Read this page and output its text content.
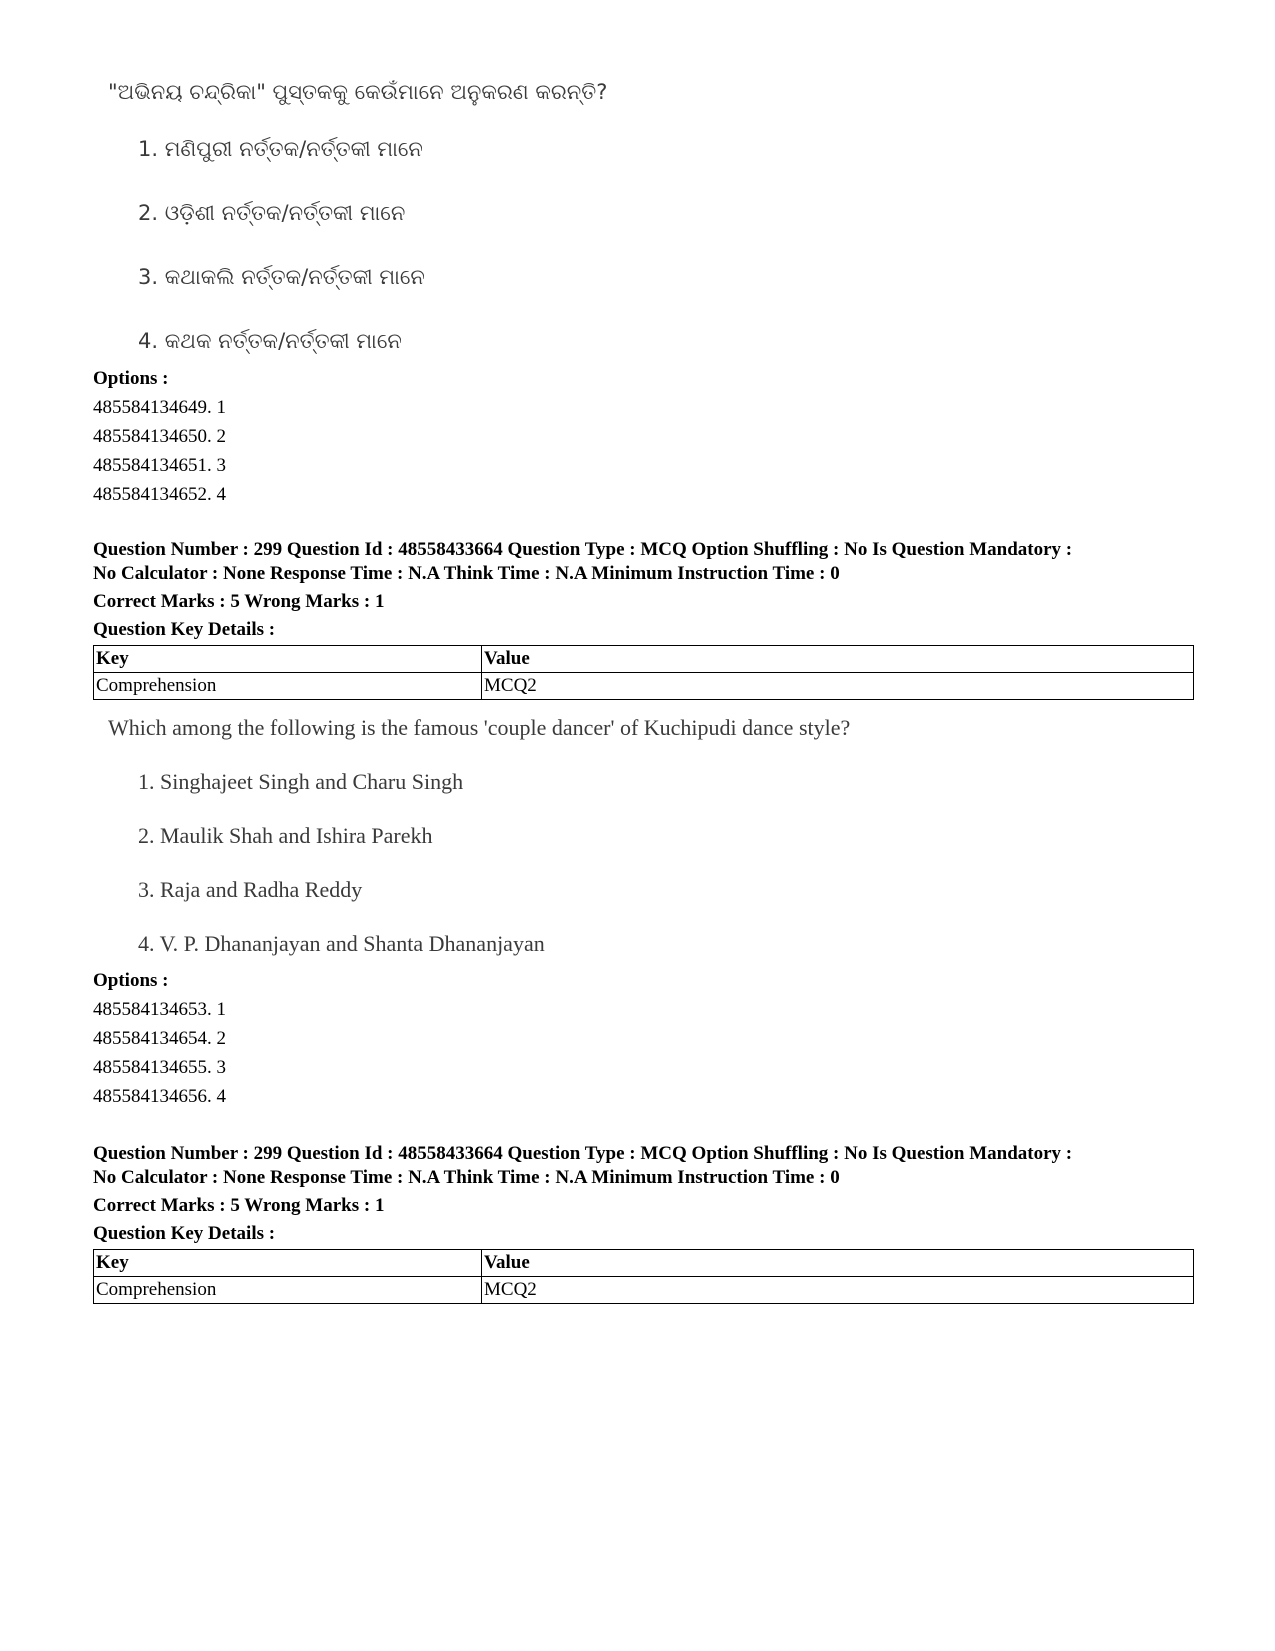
"ଅଭିନୟ ଚନ୍ଦ୍ରିକା" ପୁସ୍ତକକୁ କେଉଁମାନେ ଅନୁକରଣ କରନ୍ତି?

1. ମଣିପୁରୀ ନର୍ତ୍ତକ/ନର୍ତ୍ତକୀ ମାନେ
2. ଓଡ଼ିଶୀ ନର୍ତ୍ତକ/ନର୍ତ୍ତକୀ ମାନେ
3. କଥାକଲି ନର୍ତ୍ତକ/ନର୍ତ୍ତକୀ ମାନେ
4. କଥକ ନର୍ତ୍ତକ/ନର୍ତ୍ତକୀ ମାନେ
Options :
485584134649. 1
485584134650. 2
485584134651. 3
485584134652. 4
Question Number : 299 Question Id : 48558433664 Question Type : MCQ Option Shuffling : No Is Question Mandatory :
No Calculator : None Response Time : N.A Think Time : N.A Minimum Instruction Time : 0
Correct Marks : 5 Wrong Marks : 1
Question Key Details :
Key	Value
Comprehension	MCQ2

Which among the following is the famous 'couple dancer' of Kuchipudi dance style?

1. Singhajeet Singh and Charu Singh
2. Maulik Shah and Ishira Parekh
3. Raja and Radha Reddy
4. V. P. Dhananjayan and Shanta Dhananjayan
Options :
485584134653. 1
485584134654. 2
485584134655. 3
485584134656. 4
Question Number : 299 Question Id : 48558433664 Question Type : MCQ Option Shuffling : No Is Question Mandatory :
No Calculator : None Response Time : N.A Think Time : N.A Minimum Instruction Time : 0
Correct Marks : 5 Wrong Marks : 1
Question Key Details :
Key	Value
Comprehension	MCQ2
